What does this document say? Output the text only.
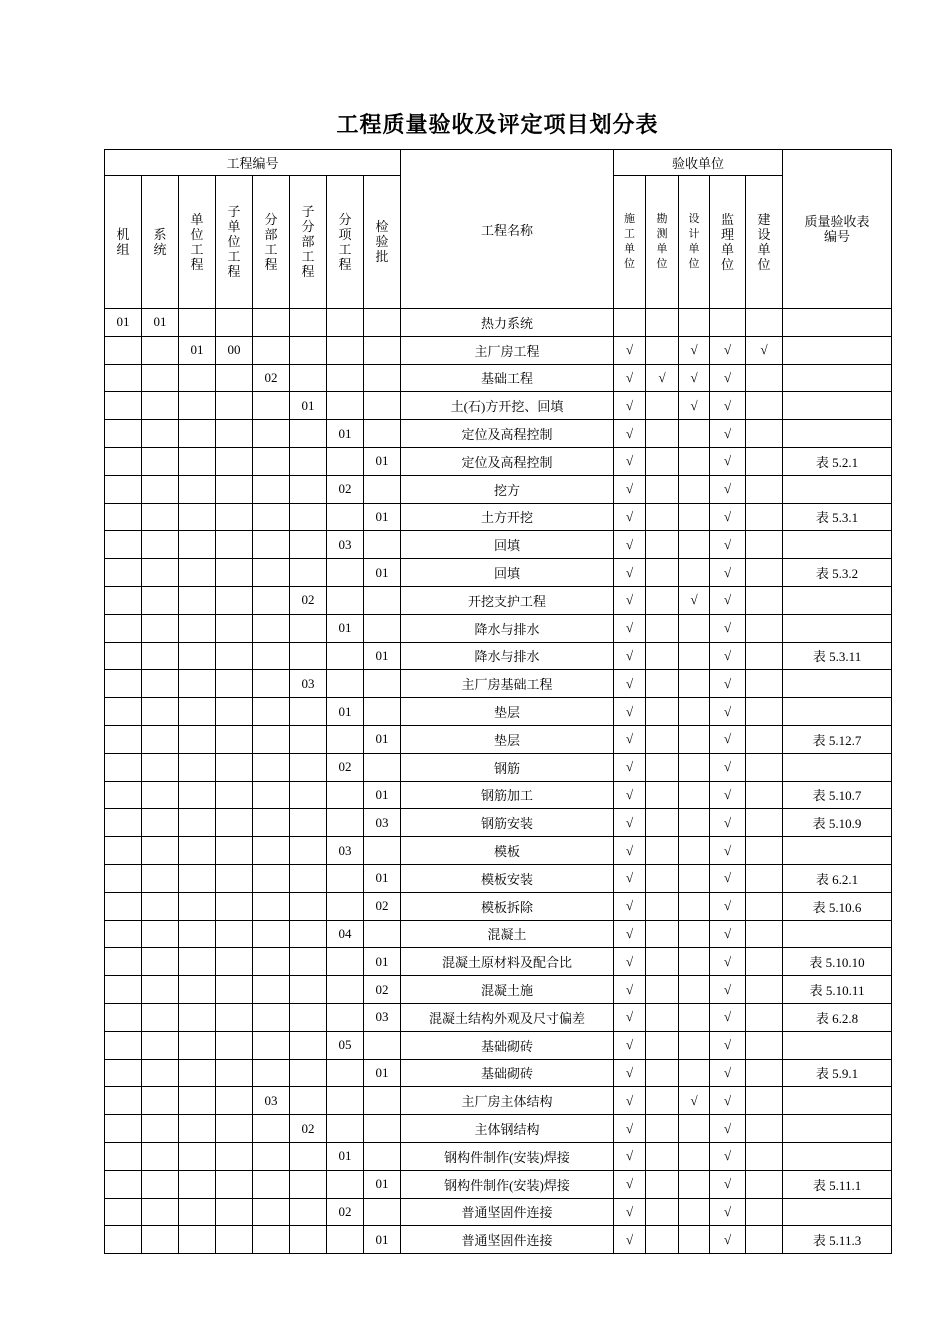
工程质量验收及评定项目划分表
工程编号								工程名称	验收单位					质量验收表编号
机组	系统	单位工程	子单位工程	分部工程	子分部工程	分项工程	检验批		施工单位	勘测单位	设计单位	监理单位	建设单位	
01	01							热力系统						
		01	00					主厂房工程	√		√	√	√	
				02				基础工程	√	√	√	√		
					01			土(石)方开挖、回填	√		√	√		
						01		定位及高程控制	√			√		
							01	定位及高程控制	√			√		表 5.2.1
						02		挖方	√			√		
							01	土方开挖	√			√		表 5.3.1
						03		回填	√			√		
							01	回填	√			√		表 5.3.2
					02			开挖支护工程	√		√	√		
						01		降水与排水	√			√		
							01	降水与排水	√			√		表 5.3.11
					03			主厂房基础工程	√			√		
						01		垫层	√			√		
							01	垫层	√			√		表 5.12.7
						02		钢筋	√			√		
							01	钢筋加工	√			√		表 5.10.7
							03	钢筋安装	√			√		表 5.10.9
						03		模板	√			√		
							01	模板安装	√			√		表 6.2.1
							02	模板拆除	√			√		表 5.10.6
						04		混凝土	√			√		
							01	混凝土原材料及配合比	√			√		表 5.10.10
							02	混凝土施	√			√		表 5.10.11
							03	混凝土结构外观及尺寸偏差	√			√		表 6.2.8
						05		基础砌砖	√			√		
							01	基础砌砖	√			√		表 5.9.1
				03				主厂房主体结构	√		√	√		
					02			主体钢结构	√			√		
						01		钢构件制作(安装)焊接	√			√		
							01	钢构件制作(安装)焊接	√			√		表 5.11.1
						02		普通坚固件连接	√			√		
							01	普通坚固件连接	√			√		表 5.11.3
